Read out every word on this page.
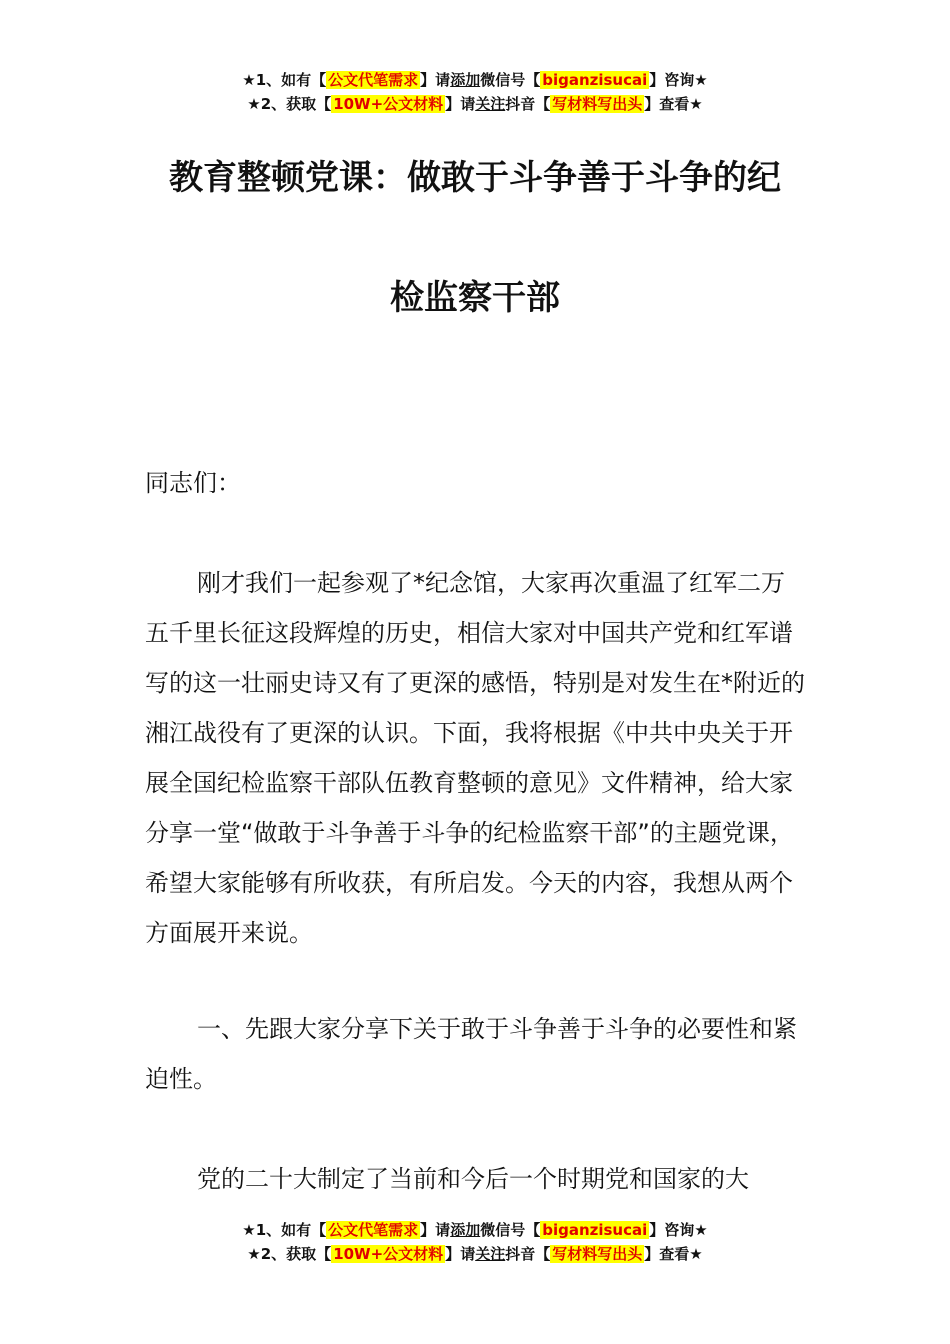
★1、如有【 公文代笔需求 】请添加微信号【 biganzisucai 】咨询★
★2、获取【 10W+公文材料 】请关注抖音【 写材料写出头 】查看★
教育整顿党课：做敢于斗争善于斗争的纪
检监察干部
同志们：
刚才我们一起参观了*纪念馆，大家再次重温了红军二万五千里长征这段辉煌的历史，相信大家对中国共产党和红军谱写的这一壮丽史诗又有了更深的感悟，特别是对发生在*附近的湘江战役有了更深的认识。下面，我将根据《中共中央关于开展全国纪检监察干部队伍教育整顿的意见》文件精神，给大家分享一堂“做敢于斗争善于斗争的纪检监察干部”的主题党课，希望大家能够有所收获，有所启发。今天的内容，我想从两个方面展开来说。
一、先跟大家分享下关于敢于斗争善于斗争的必要性和紧迫性。
党的二十大制定了当前和今后一个时期党和国家的大
★1、如有【 公文代笔需求 】请添加微信号【 biganzisucai 】咨询★
★2、获取【 10W+公文材料 】请关注抖音【 写材料写出头 】查看★
